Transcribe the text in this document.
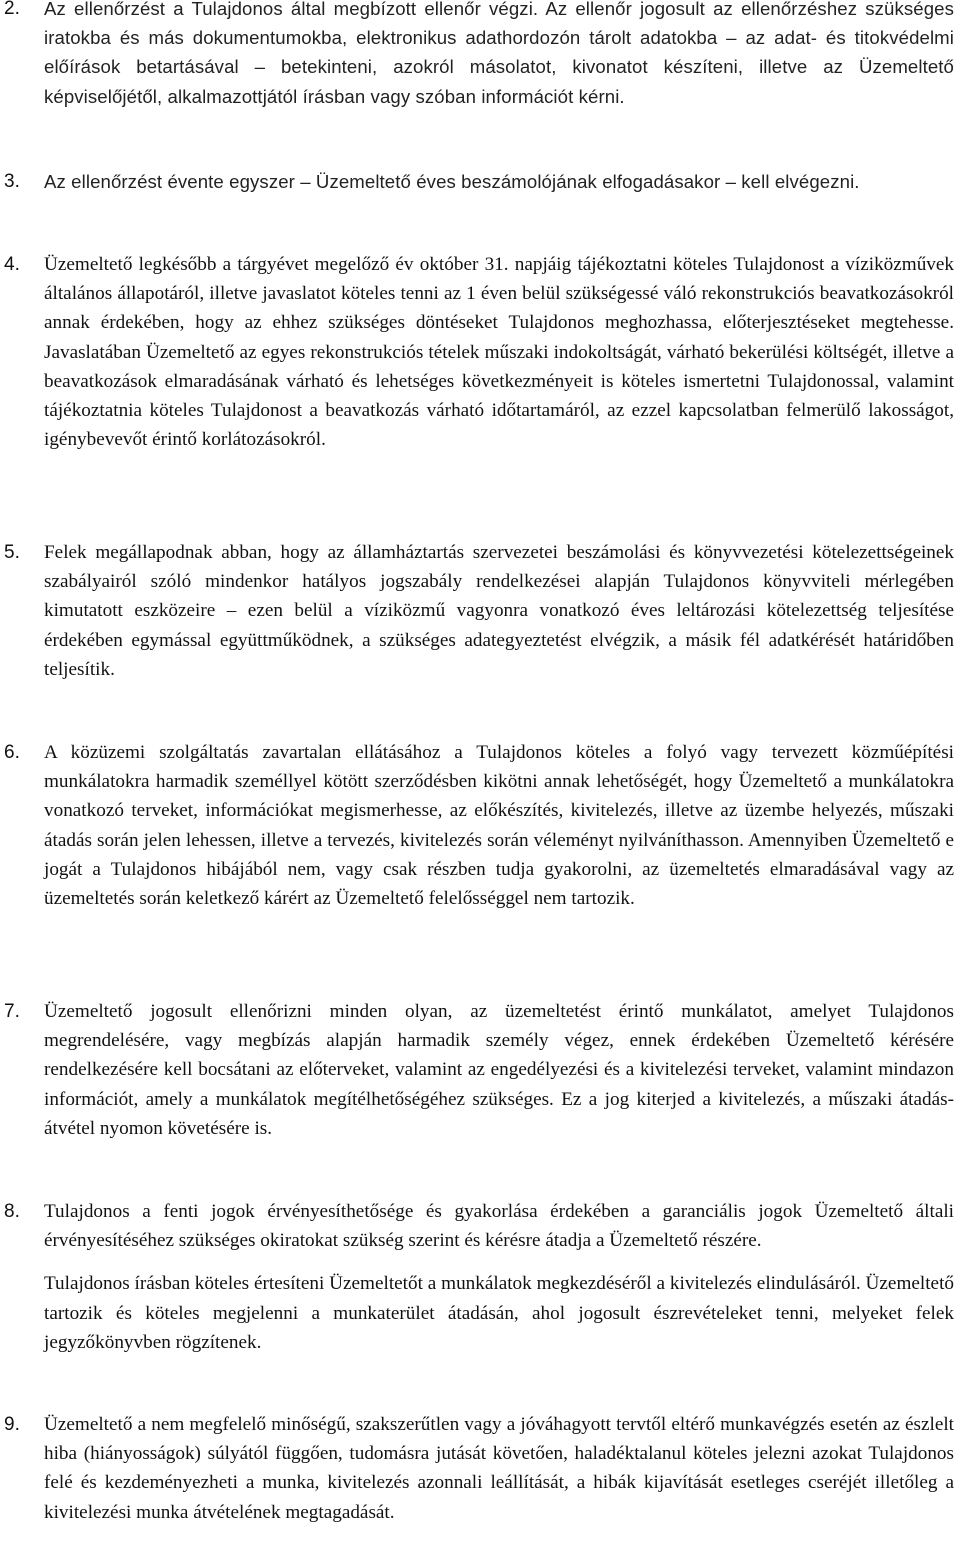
2.	Az ellenőrzést a Tulajdonos által megbízott ellenőr végzi. Az ellenőr jogosult az ellenőrzéshez szükséges iratokba és más dokumentumokba, elektronikus adathordozón tárolt adatokba – az adat- és titokvédelmi előírások betartásával – betekinteni, azokról másolatot, kivonatot készíteni, illetve az Üzemeltető képviselőjétől, alkalmazottjától írásban vagy szóban információt kérni.

3.	Az ellenőrzést évente egyszer – Üzemeltető éves beszámolójának elfogadásakor – kell elvégezni.

4.	Üzemeltető legkésőbb a tárgyévet megelőző év október 31. napjáig tájékoztatni köteles Tulajdonost a víziközművek általános állapotáról, illetve javaslatot köteles tenni az 1 éven belül szükségessé váló rekonstrukciós beavatkozásokról annak érdekében, hogy az ehhez szükséges döntéseket Tulajdonos meghozhassa, előterjesztéseket megtehesse. Javaslatában Üzemeltető az egyes rekonstrukciós tételek műszaki indokoltságát, várható bekerülési költségét, illetve a beavatkozások elmaradásának várható és lehetséges következményeit is köteles ismertetni Tulajdonossal, valamint tájékoztatnia köteles Tulajdonost a beavatkozás várható időtartamáról, az ezzel kapcsolatban felmerülő lakosságot, igénybevevőt érintő korlátozásokról.

5.	Felek megállapodnak abban, hogy az államháztartás szervezetei beszámolási és könyvvezetési kötelezettségeinek szabályairól szóló mindenkor hatályos jogszabály rendelkezései alapján Tulajdonos könyvviteli mérlegében kimutatott eszközeire – ezen belül a víziközmű vagyonra vonatkozó éves leltározási kötelezettség teljesítése érdekében egymással együttműködnek, a szükséges adategyeztetést elvégzik, a másik fél adatkérését határidőben teljesítik.

6.	A közüzemi szolgáltatás zavartalan ellátásához a Tulajdonos köteles a folyó vagy tervezett közműépítési munkálatokra harmadik személlyel kötött szerződésben kikötni annak lehetőségét, hogy Üzemeltető a munkálatokra vonatkozó terveket, információkat megismerhesse, az előkészítés, kivitelezés, illetve az üzembe helyezés, műszaki átadás során jelen lehessen, illetve a tervezés, kivitelezés során véleményt nyilváníthasson. Amennyiben Üzemeltető e jogát a Tulajdonos hibájából nem, vagy csak részben tudja gyakorolni, az üzemeltetés elmaradásával vagy az üzemeltetés során keletkező kárért az Üzemeltető felelősséggel nem tartozik.

7.	Üzemeltető jogosult ellenőrizni minden olyan, az üzemeltetést érintő munkálatot, amelyet Tulajdonos megrendelésére, vagy megbízás alapján harmadik személy végez, ennek érdekében Üzemeltető kérésére rendelkezésére kell bocsátani az előterveket, valamint az engedélyezési és a kivitelezési terveket, valamint mindazon információt, amely a munkálatok megítélhetőségéhez szükséges. Ez a jog kiterjed a kivitelezés, a műszaki átadás-átvétel nyomon követésére is.

8.	Tulajdonos a fenti jogok érvényesíthetősége és gyakorlása érdekében a garanciális jogok Üzemeltető általi érvényesítéséhez szükséges okiratokat szükség szerint és kérésre átadja a Üzemeltető részére.

Tulajdonos írásban köteles értesíteni Üzemeltetőt a munkálatok megkezdéséről a kivitelezés elindulásáról. Üzemeltető tartozik és köteles megjelenni a munkaterület átadásán, ahol jogosult észrevételeket tenni, melyeket felek jegyzőkönyvben rögzítenek.

9.	Üzemeltető a nem megfelelő minőségű, szakszerűtlen vagy a jóváhagyott tervtől eltérő munkavégzés esetén az észlelt hiba (hiányosságok) súlyától függően, tudomásra jutását követően, haladéktalanul köteles jelezni azokat Tulajdonos felé és kezdeményezheti a munka, kivitelezés azonnali leállítását, a hibák kijavítását esetleges cseréjét illetőleg a kivitelezési munka átvételének megtagadását.
